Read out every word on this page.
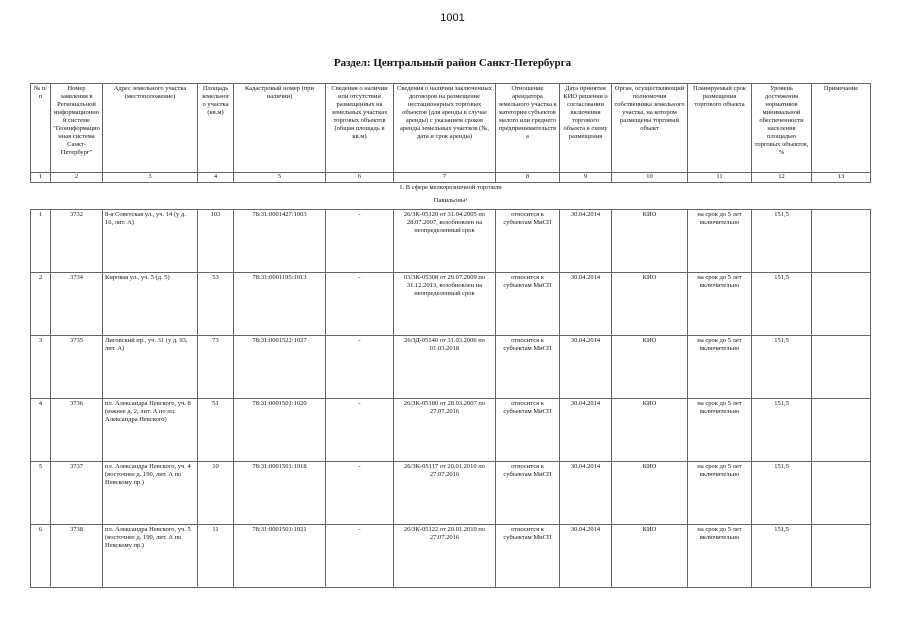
1001
Раздел: Центральный район Санкт-Петербурга
№ п/п	Номер заявления в Региональной информационной системе "Геоинформационная система Санкт-Петербург"	Адрес земельного участка (местоположение)	Площадь земельного участка (кв.м)	Кадастровый номер (при наличии)	Сведения о наличии или отсутствии размещенных на земельных участках торговых объектов (общая площадь в кв.м)	Сведения о наличии заключенных договоров на размещение нестационарных торговых объектов (для аренды в случае аренды) с указанием сроков аренды земельных участков (№, дата и срок аренды)	Отношение арендатора земельного участка к категории субъектов малого или среднего предпринимательства	Дата принятия КИО решения о согласовании включения торгового объекта в схему размещения	Орган, осуществляющий полномочия собственника земельного участка, на котором размещены торговый объект	Планируемый срок размещения торгового объекта	Уровень достижения нормативов минимальной обеспеченности населения площадью торговых объектов, %	Примечание
1	2	3	4	5	6	7	8	9	10	11	12	13
1. В сфере мелкорозничной торговли												
Павильоны¹												
1	3732	8-я Советская ул., уч. 14 (у д. 16, лит. А)	103	78:31:0001427:1003	-	26/ЗК-05120 от 31.04.2005 по 28.07.2007, возобновлен на неопределенный срок	относится к субъектам МиСП	30.04.2014	КИО	на срок до 5 лет включительно	151,5	
2	3734	Кировая ул., уч. 5 (д. 5)	53	78:31:0001195:1013	-	03/ЗК-05308 от 29.07.2009 по 31.12.2013, возобновлен на неопределенный срок	относится к субъектам МиСП	30.04.2014	КИО	на срок до 5 лет включительно	151,5	
3	3735	Лиговский пр., уч. 31 (у д. 93, лит. А)	73	78:31:0001522:1027	-	26/ЗД-05140 от 31.03.2006 по 01.03.2018	относится к субъектам МиСП	30.04.2014	КИО	на срок до 5 лет включительно	151,5	
4	3736	пл. Александра Невского, уч. 8 (южнее д. 2, лит. А по пл. Александра Невского)	51	78:31:0001501:1020	-	26/ЗК-05180 от 28.03.2007 по 27.07.2016	относится к субъектам МиСП	30.04.2014	КИО	на срок до 5 лет включительно	151,5	
5	3737	пл. Александра Невского, уч. 4 (восточнее д. 190, лит. А по Невскому пр.)	10	78:31:0001501:1018	-	26/ЗК-05117 от 20.01.2010 по 27.07.2016	относится к субъектам МиСП	30.04.2014	КИО	на срок до 5 лет включительно	151,5	
6	3738	пл. Александра Невского, уч. 5 (восточнее д. 190, лит. А по Невскому пр.)	11	78:31:0001501:1021	-	26/ЗК-05122 от 20.01.2010 по 27.07.2016	относится к субъектам МиСП	30.04.2014	КИО	на срок до 5 лет включительно	151,5	
